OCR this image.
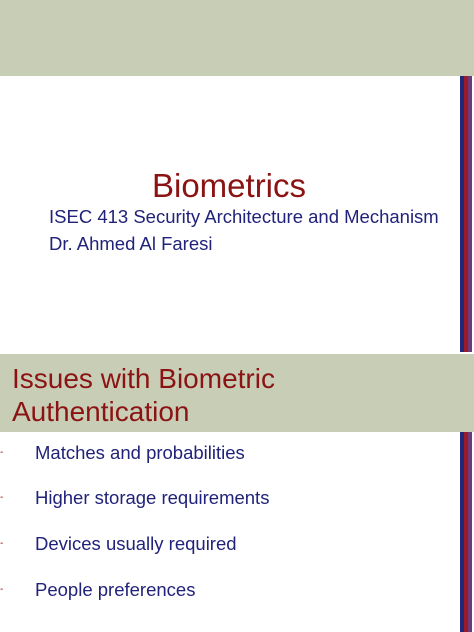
Biometrics
ISEC 413 Security Architecture and Mechanism
Dr. Ahmed Al Faresi
Issues with Biometric
Authentication
- Matches and probabilities
- Higher storage requirements
- Devices usually required
- People preferences
